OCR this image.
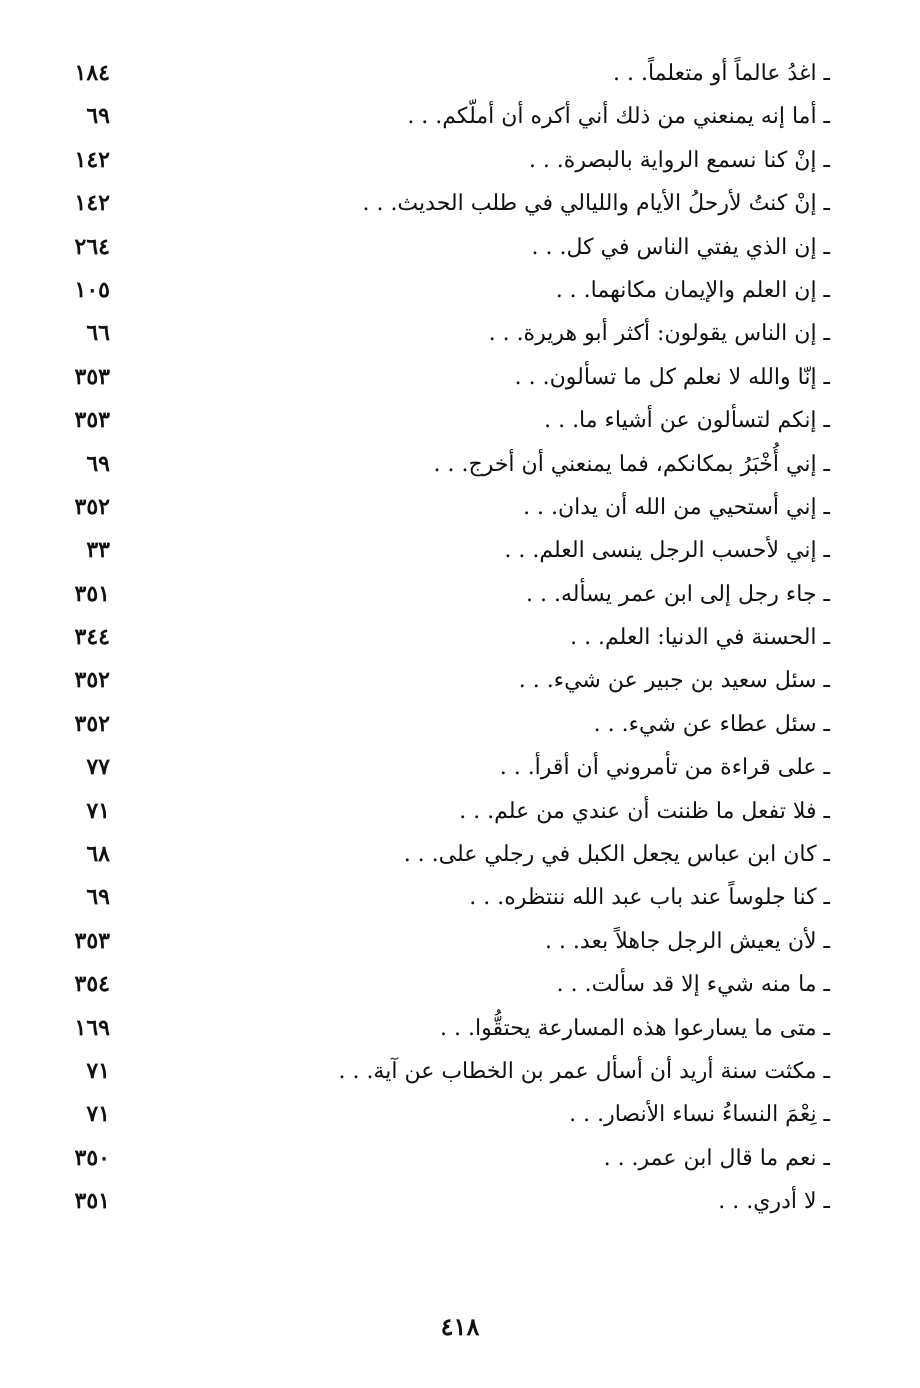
ـ اغدُ عالماً أو متعلماً. . .
١٨٤
ـ أما إنه يمنعني من ذلك أني أكره أن أملّكم. . .
٦٩
ـ إنْ كنا نسمع الرواية بالبصرة. . .
١٤٢
ـ إنْ كنتُ لأرحلُ الأيام والليالي في طلب الحديث. . .
١٤٢
ـ إن الذي يفتي الناس في كل. . .
٢٦٤
ـ إن العلم والإيمان مكانهما. . .
١٠٥
ـ إن الناس يقولون: أكثر أبو هريرة. . .
٦٦
ـ إنّا والله لا نعلم كل ما تسألون. . .
٣٥٣
ـ إنكم لتسألون عن أشياء ما. . .
٣٥٣
ـ إني أُخْبَرُ بمكانكم، فما يمنعني أن أخرج. . .
٦٩
ـ إني أستحيي من الله أن يدان. . .
٣٥٢
ـ إني لأحسب الرجل ينسى العلم. . .
٣٣
ـ جاء رجل إلى ابن عمر يسأله. . .
٣٥١
ـ الحسنة في الدنيا: العلم. . .
٣٤٤
ـ سئل سعيد بن جبير عن شيء. . .
٣٥٢
ـ سئل عطاء عن شيء. . .
٣٥٢
ـ على قراءة من تأمروني أن أقرأ. . .
٧٧
ـ فلا تفعل ما ظننت أن عندي من علم. . .
٧١
ـ كان ابن عباس يجعل الكبل في رجلي على. . .
٦٨
ـ كنا جلوساً عند باب عبد الله ننتظره. . .
٦٩
ـ لأن يعيش الرجل جاهلاً بعد. . .
٣٥٣
ـ ما منه شيء إلا قد سألت. . .
٣٥٤
ـ متى ما يسارعوا هذه المسارعة يحتقُّوا. . .
١٦٩
ـ مكثت سنة أريد أن أسأل عمر بن الخطاب عن آية. . .
٧١
ـ نِعْمَ النساءُ نساء الأنصار. . .
٧١
ـ نعم ما قال ابن عمر. . .
٣٥٠
ـ لا أدري. . .
٣٥١
٤١٨
